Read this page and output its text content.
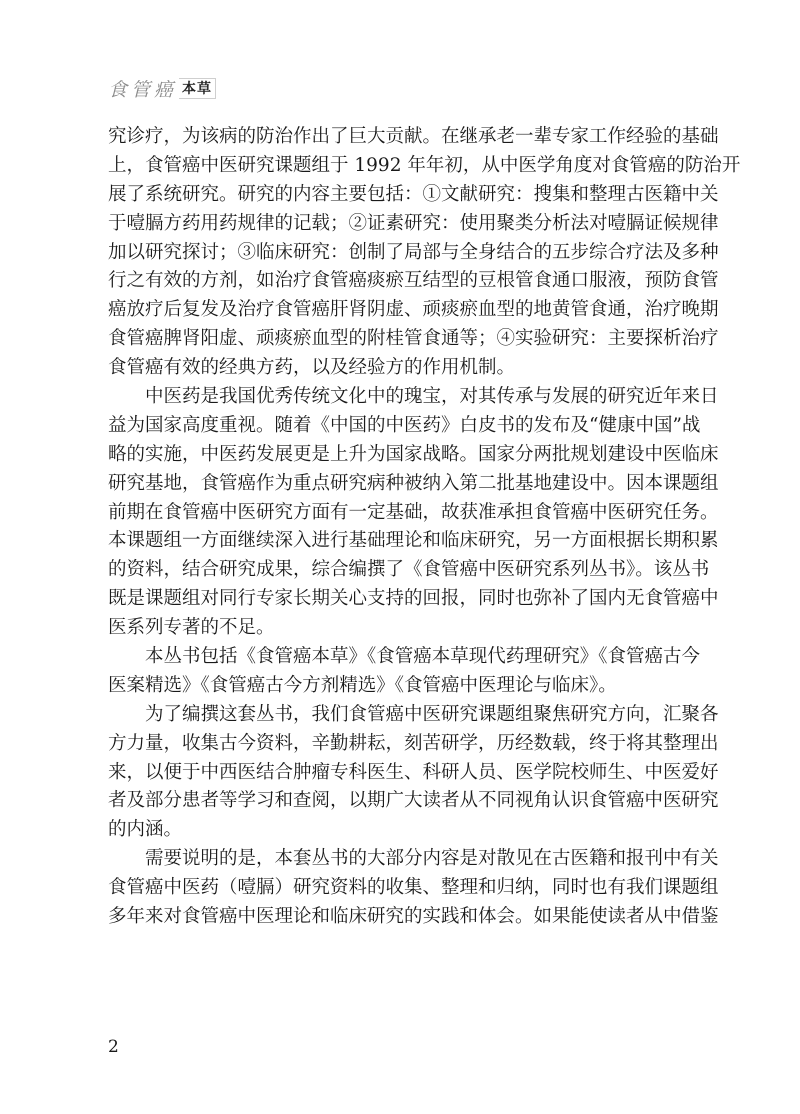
食管癌 本草
究诊疗，为该病的防治作出了巨大贡献。在继承老一辈专家工作经验的基础
上，食管癌中医研究课题组于 1992 年年初，从中医学角度对食管癌的防治开
展了系统研究。研究的内容主要包括：①文献研究：搜集和整理古医籍中关
于噎膈方药用药规律的记载；②证素研究：使用聚类分析法对噎膈证候规律
加以研究探讨；③临床研究：创制了局部与全身结合的五步综合疗法及多种
行之有效的方剂，如治疗食管癌痰瘀互结型的豆根管食通口服液，预防食管
癌放疗后复发及治疗食管癌肝肾阴虚、顽痰瘀血型的地黄管食通，治疗晚期
食管癌脾肾阳虚、顽痰瘀血型的附桂管食通等；④实验研究：主要探析治疗
食管癌有效的经典方药，以及经验方的作用机制。
中医药是我国优秀传统文化中的瑰宝，对其传承与发展的研究近年来日
益为国家高度重视。随着《中国的中医药》白皮书的发布及“健康中国”战
略的实施，中医药发展更是上升为国家战略。国家分两批规划建设中医临床
研究基地，食管癌作为重点研究病种被纳入第二批基地建设中。因本课题组
前期在食管癌中医研究方面有一定基础，故获准承担食管癌中医研究任务。
本课题组一方面继续深入进行基础理论和临床研究，另一方面根据长期积累
的资料，结合研究成果，综合编撰了《食管癌中医研究系列丛书》。该丛书
既是课题组对同行专家长期关心支持的回报，同时也弥补了国内无食管癌中
医系列专著的不足。
本丛书包括《食管癌本草》《食管癌本草现代药理研究》《食管癌古今
医案精选》《食管癌古今方剂精选》《食管癌中医理论与临床》。
为了编撰这套丛书，我们食管癌中医研究课题组聚焦研究方向，汇聚各
方力量，收集古今资料，辛勤耕耘，刻苦研学，历经数载，终于将其整理出
来，以便于中西医结合肿瘤专科医生、科研人员、医学院校师生、中医爱好
者及部分患者等学习和查阅，以期广大读者从不同视角认识食管癌中医研究
的内涵。
需要说明的是，本套丛书的大部分内容是对散见在古医籍和报刊中有关
食管癌中医药（噎膈）研究资料的收集、整理和归纳，同时也有我们课题组
多年来对食管癌中医理论和临床研究的实践和体会。如果能使读者从中借鉴
2
